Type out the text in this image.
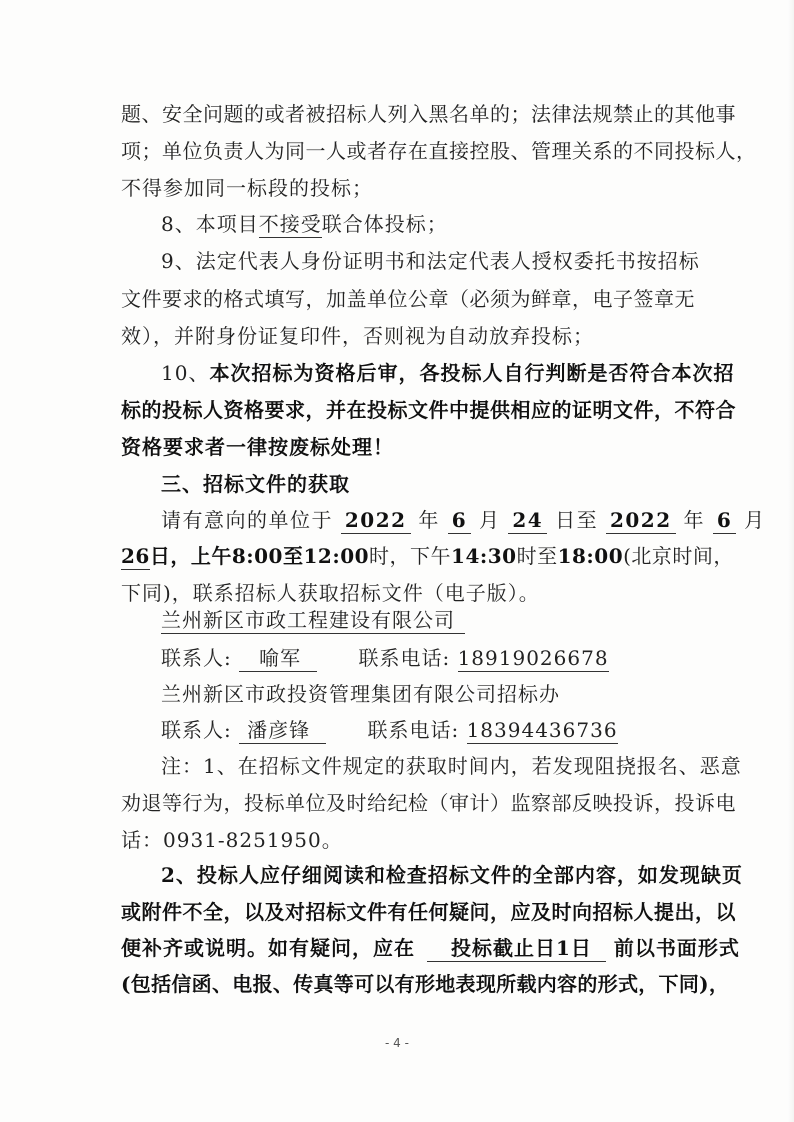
题、安全问题的或者被招标人列入黑名单的；法律法规禁止的其他事
项；单位负责人为同一人或者存在直接控股、管理关系的不同投标人，
不得参加同一标段的投标；
8、本项目不接受联合体投标；
9、法定代表人身份证明书和法定代表人授权委托书按招标
文件要求的格式填写，加盖单位公章（必须为鲜章，电子签章无
效），并附身份证复印件，否则视为自动放弃投标；
10、本次招标为资格后审，各投标人自行判断是否符合本次招
标的投标人资格要求，并在投标文件中提供相应的证明文件，不符合
资格要求者一律按废标处理！
三、招标文件的获取
请有意向的单位于 2022 年 6 月 24 日至 2022 年 6 月
26日，上午8:00至12:00时，下午14:30时至18:00(北京时间，
下同)，联系招标人获取招标文件（电子版）。
兰州新区市政工程建设有限公司
联系人: 喻军	联系电话: 18919026678
兰州新区市政投资管理集团有限公司招标办
联系人: 潘彦锋	联系电话: 18394436736
注：1、在招标文件规定的获取时间内，若发现阻挠报名、恶意
劝退等行为，投标单位及时给纪检（审计）监察部反映投诉，投诉电
话：0931-8251950。
2、投标人应仔细阅读和检查招标文件的全部内容，如发现缺页
或附件不全，以及对招标文件有任何疑问，应及时向招标人提出，以
便补齐或说明。如有疑问，应在 投标截止日1日 前以书面形式
(包括信函、电报、传真等可以有形地表现所载内容的形式，下同)，
- 4 -
